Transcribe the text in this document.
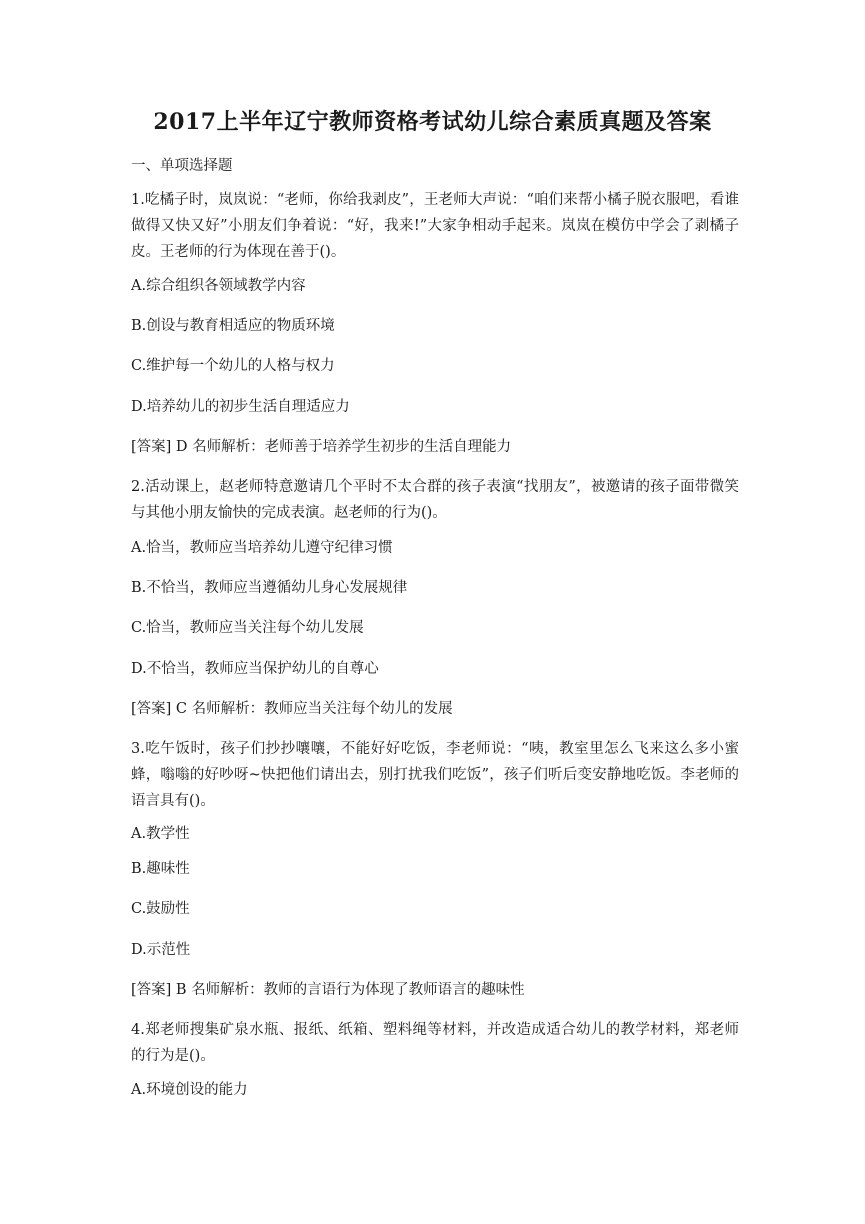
2017上半年辽宁教师资格考试幼儿综合素质真题及答案
一、单项选择题
1.吃橘子时，岚岚说：“老师，你给我剥皮”，王老师大声说：“咱们来帮小橘子脱衣服吧，看谁做得又快又好”小朋友们争着说：“好，我来!”大家争相动手起来。岚岚在模仿中学会了剥橘子皮。王老师的行为体现在善于()。
A.综合组织各领域教学内容
B.创设与教育相适应的物质环境
C.维护每一个幼儿的人格与权力
D.培养幼儿的初步生活自理适应力
[答案] D 名师解析：老师善于培养学生初步的生活自理能力
2.活动课上，赵老师特意邀请几个平时不太合群的孩子表演“找朋友”，被邀请的孩子面带微笑与其他小朋友愉快的完成表演。赵老师的行为()。
A.恰当，教师应当培养幼儿遵守纪律习惯
B.不恰当，教师应当遵循幼儿身心发展规律
C.恰当，教师应当关注每个幼儿发展
D.不恰当，教师应当保护幼儿的自尊心
[答案] C 名师解析：教师应当关注每个幼儿的发展
3.吃午饭时，孩子们抄抄嚷嚷，不能好好吃饭，李老师说：“咦，教室里怎么飞来这么多小蜜蜂，嗡嗡的好吵呀~快把他们请出去，别打扰我们吃饭”，孩子们听后变安静地吃饭。李老师的语言具有()。
A.教学性
B.趣味性
C.鼓励性
D.示范性
[答案] B 名师解析：教师的言语行为体现了教师语言的趣味性
4.郑老师搜集矿泉水瓶、报纸、纸箱、塑料绳等材料，并改造成适合幼儿的教学材料，郑老师的行为是()。
A.环境创设的能力
